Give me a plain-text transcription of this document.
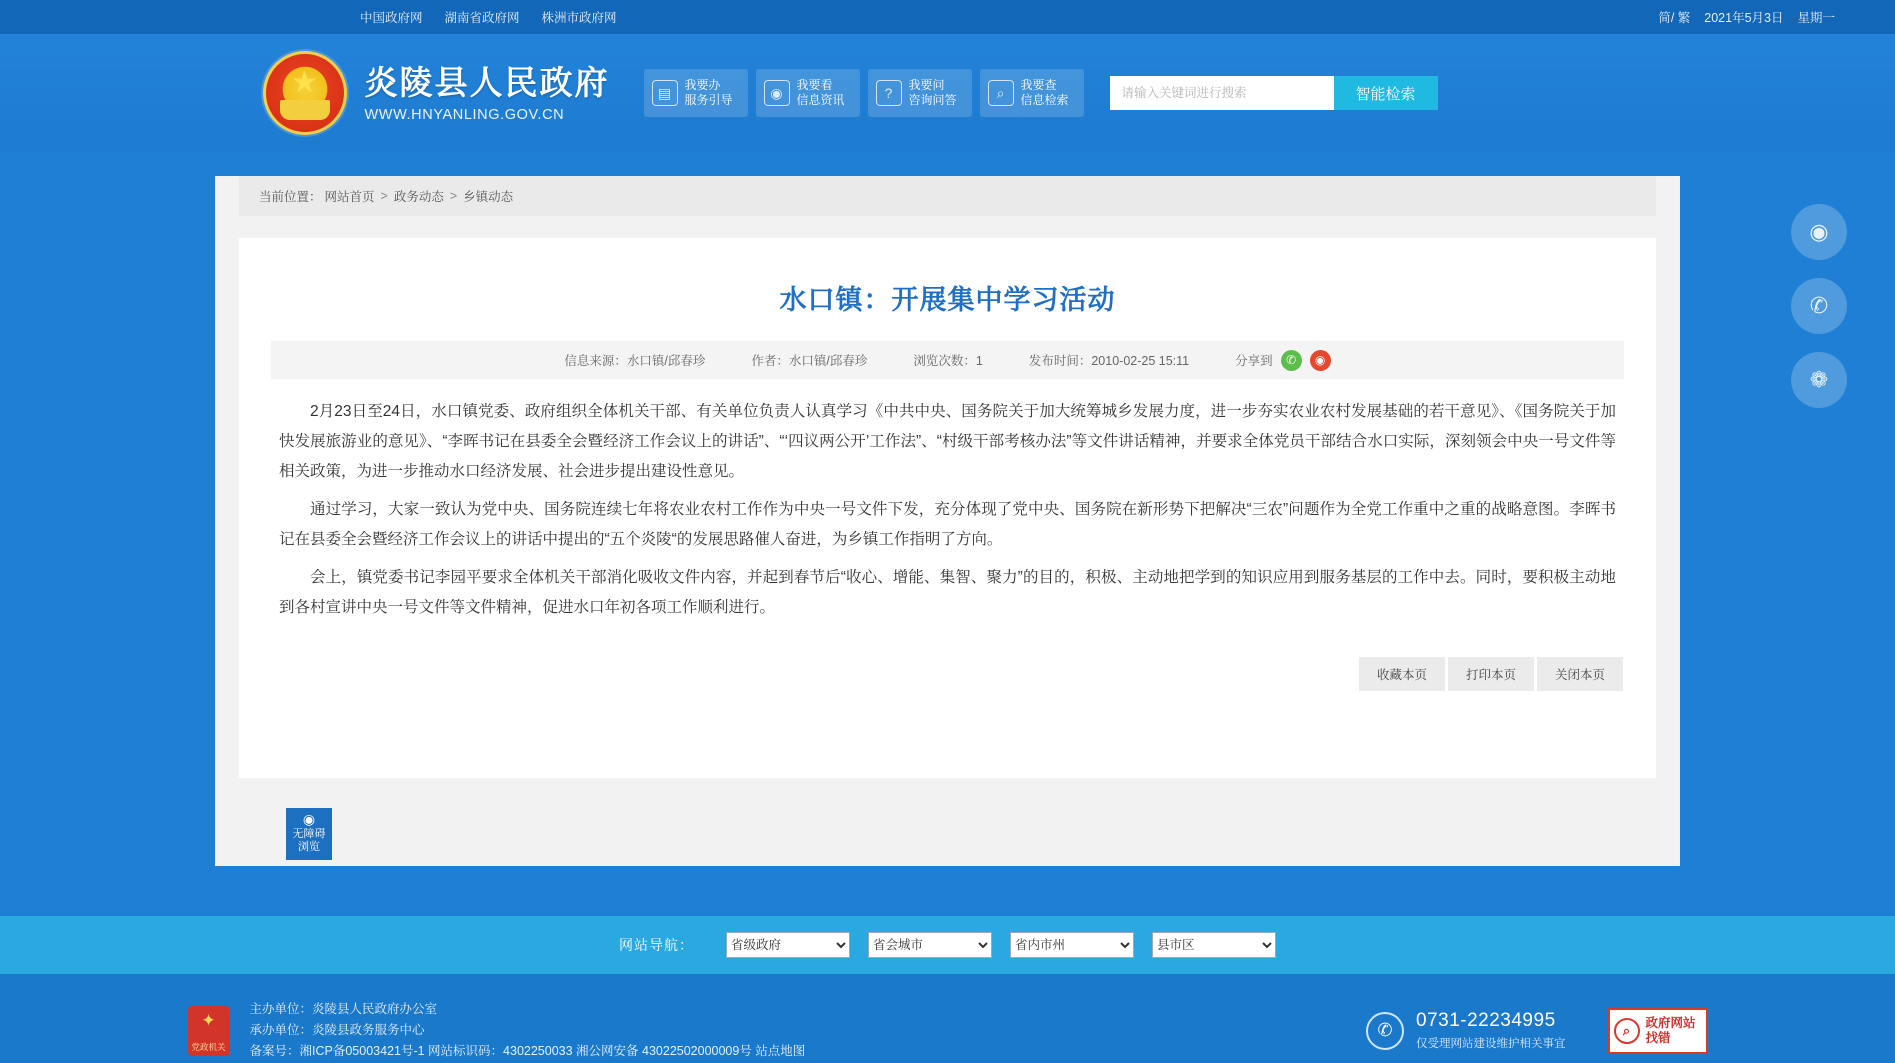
中国政府网 湖南省政府网 株洲市政府网	简/ 繁 2021年5月3日 星期一
★
炎陵县人民政府
WWW.HNYANLING.GOV.CN
▤	我要办
服务引导	◉	我要看
信息资讯	?	我要问
咨询问答	⌕	我要查
信息检索
请输入关键词进行搜索	智能检索
当前位置： 网站首页 > 政务动态 > 乡镇动态
水口镇：开展集中学习活动
信息来源：水口镇/邱春珍	作者：水口镇/邱春珍	浏览次数：1	发布时间：2010-02-25 15:11	分享到	✆	◉

2月23日至24日，水口镇党委、政府组织全体机关干部、有关单位负责人认真学习《中共中央、国务院关于加大统筹城乡发展力度，进一步夯实农业农村发展基础的若干意见》、《国务院关于加快发展旅游业的意见》、“李晖书记在县委全会暨经济工作会议上的讲话”、“‘四议两公开’工作法”、“村级干部考核办法”等文件讲话精神，并要求全体党员干部结合水口实际，深刻领会中央一号文件等相关政策，为进一步推动水口经济发展、社会进步提出建设性意见。

通过学习，大家一致认为党中央、国务院连续七年将农业农村工作作为中央一号文件下发，充分体现了党中央、国务院在新形势下把解决“三农”问题作为全党工作重中之重的战略意图。李晖书记在县委全会暨经济工作会议上的讲话中提出的“五个炎陵“的发展思路催人奋进，为乡镇工作指明了方向。

会上，镇党委书记李园平要求全体机关干部消化吸收文件内容，并起到春节后“收心、增能、集智、聚力”的目的，积极、主动地把学到的知识应用到服务基层的工作中去。同时，要积极主动地到各村宣讲中央一号文件等文件精神，促进水口年初各项工作顺利进行。

收藏本页	打印本页	关闭本页
◉
✆
❁
◉
无障碍
浏览
网站导航：
省级政府
省会城市
省内市州
县市区
✦
党政机关
主办单位：炎陵县人民政府办公室
承办单位：炎陵县政务服务中心
备案号：湘ICP备05003421号-1 网站标识码：4302250033 湘公网安备 43022502000009号 站点地图
✆	0731-22234995
仅受理网站建设维护相关事宜
⌕
政府网站
找错
